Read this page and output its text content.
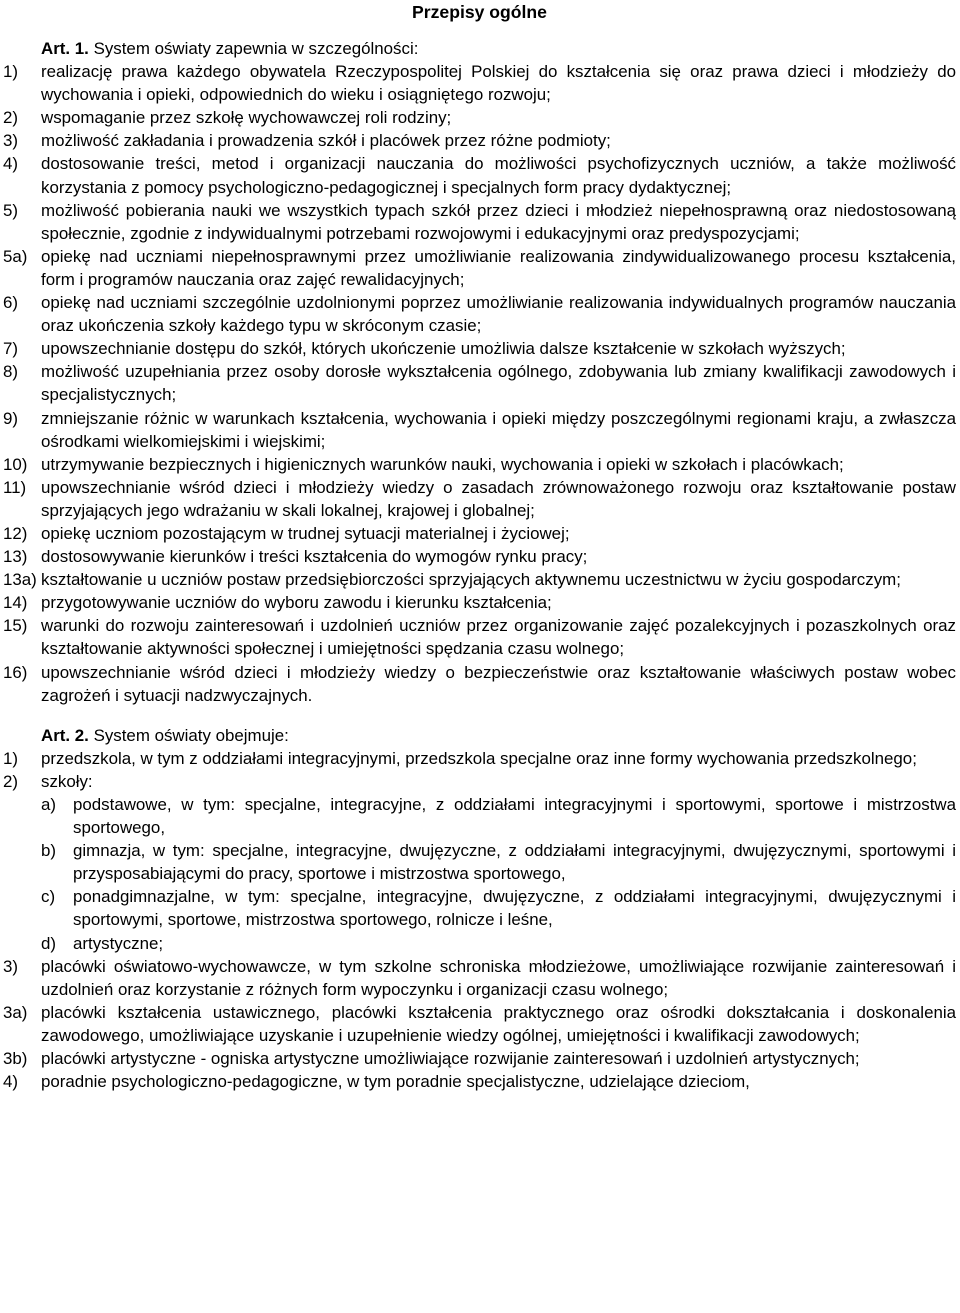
Przepisy ogólne
Art. 1. System oświaty zapewnia w szczególności:
1)	realizację prawa każdego obywatela Rzeczypospolitej Polskiej do kształcenia się oraz prawa dzieci i młodzieży do wychowania i opieki, odpowiednich do wieku i osiągniętego rozwoju;
2)	wspomaganie przez szkołę wychowawczej roli rodziny;
3)	możliwość zakładania i prowadzenia szkół i placówek przez różne podmioty;
4)	dostosowanie treści, metod i organizacji nauczania do możliwości psychofizycznych uczniów, a także możliwość korzystania z pomocy psychologiczno-pedagogicznej i specjalnych form pracy dydaktycznej;
5)	możliwość pobierania nauki we wszystkich typach szkół przez dzieci i młodzież niepełnosprawną oraz niedostosowaną społecznie, zgodnie z indywidualnymi potrzebami rozwojowymi i edukacyjnymi oraz predyspozycjami;
5a) opiekę nad uczniami niepełnosprawnymi przez umożliwianie realizowania zindywidualizowanego procesu kształcenia, form i programów nauczania oraz zajęć rewalidacyjnych;
6)	opiekę nad uczniami szczególnie uzdolnionymi poprzez umożliwianie realizowania indywidualnych programów nauczania oraz ukończenia szkoły każdego typu w skróconym czasie;
7)	upowszechnianie dostępu do szkół, których ukończenie umożliwia dalsze kształcenie w szkołach wyższych;
8)	możliwość uzupełniania przez osoby dorosłe wykształcenia ogólnego, zdobywania lub zmiany kwalifikacji zawodowych i specjalistycznych;
9)	zmniejszanie różnic w warunkach kształcenia, wychowania i opieki między poszczególnymi regionami kraju, a zwłaszcza ośrodkami wielkomiejskimi i wiejskimi;
10) utrzymywanie bezpiecznych i higienicznych warunków nauki, wychowania i opieki w szkołach i placówkach;
11) upowszechnianie wśród dzieci i młodzieży wiedzy o zasadach zrównoważonego rozwoju oraz kształtowanie postaw sprzyjających jego wdrażaniu w skali lokalnej, krajowej i globalnej;
12) opiekę uczniom pozostającym w trudnej sytuacji materialnej i życiowej;
13) dostosowywanie kierunków i treści kształcenia do wymogów rynku pracy;
13a) kształtowanie u uczniów postaw przedsiębiorczości sprzyjających aktywnemu uczestnictwu w życiu gospodarczym;
14) przygotowywanie uczniów do wyboru zawodu i kierunku kształcenia;
15) warunki do rozwoju zainteresowań i uzdolnień uczniów przez organizowanie zajęć pozalekcyjnych i pozaszkolnych oraz kształtowanie aktywności społecznej i umiejętności spędzania czasu wolnego;
16) upowszechnianie wśród dzieci i młodzieży wiedzy o bezpieczeństwie oraz kształtowanie właściwych postaw wobec zagrożeń i sytuacji nadzwyczajnych.
Art. 2. System oświaty obejmuje:
1)	przedszkola, w tym z oddziałami integracyjnymi, przedszkola specjalne oraz inne formy wychowania przedszkolnego;
2)	szkoły:
a)	podstawowe, w tym: specjalne, integracyjne, z oddziałami integracyjnymi i sportowymi, sportowe i mistrzostwa sportowego,
b)	gimnazja, w tym: specjalne, integracyjne, dwujęzyczne, z oddziałami integracyjnymi, dwujęzycznymi, sportowymi i przysposabiającymi do pracy, sportowe i mistrzostwa sportowego,
c)	ponadgimnazjalne, w tym: specjalne, integracyjne, dwujęzyczne, z oddziałami integracyjnymi, dwujęzycznymi i sportowymi, sportowe, mistrzostwa sportowego, rolnicze i leśne,
d)	artystyczne;
3)	placówki oświatowo-wychowawcze, w tym szkolne schroniska młodzieżowe, umożliwiające rozwijanie zainteresowań i uzdolnień oraz korzystanie z różnych form wypoczynku i organizacji czasu wolnego;
3a) placówki kształcenia ustawicznego, placówki kształcenia praktycznego oraz ośrodki dokształcania i doskonalenia zawodowego, umożliwiające uzyskanie i uzupełnienie wiedzy ogólnej, umiejętności i kwalifikacji zawodowych;
3b) placówki artystyczne - ogniska artystyczne umożliwiające rozwijanie zainteresowań i uzdolnień artystycznych;
4)	poradnie psychologiczno-pedagogiczne, w tym poradnie specjalistyczne, udzielające dzieciom,
